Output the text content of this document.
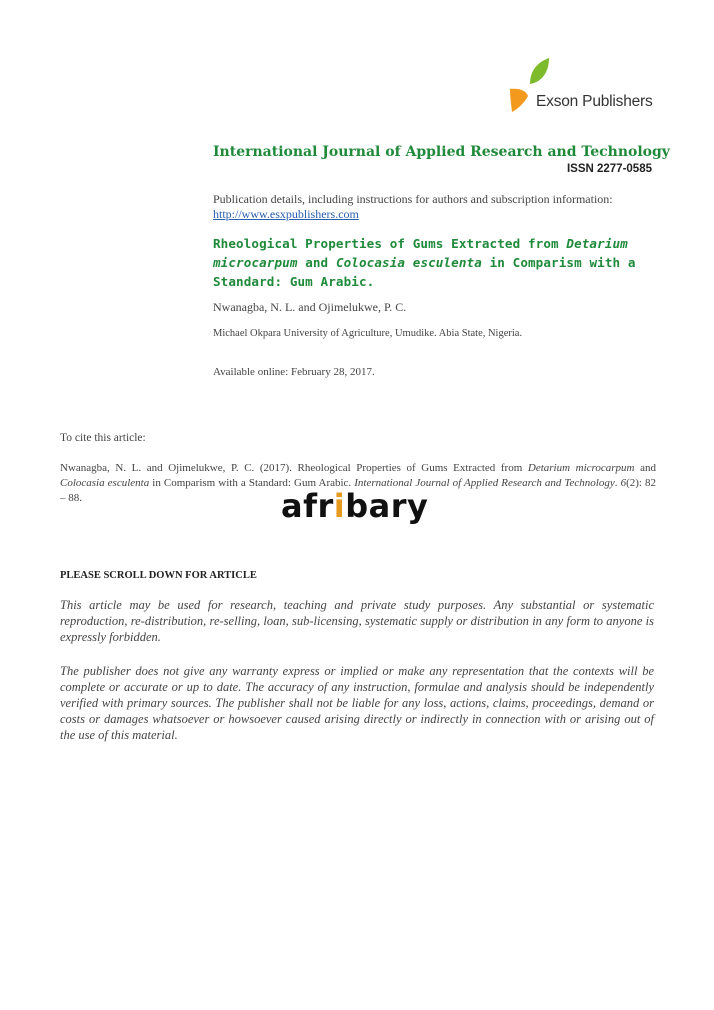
Exson Publishers
International Journal of Applied Research and Technology
ISSN 2277-0585
Publication details, including instructions for authors and subscription information:
http://www.esxpublishers.com
Rheological Properties of Gums Extracted from Detarium microcarpum and Colocasia esculenta in Comparism with a Standard: Gum Arabic.
Nwanagba, N. L. and Ojimelukwe, P. C.
Michael Okpara University of Agriculture, Umudike. Abia State, Nigeria.
Available online: February 28, 2017.
To cite this article:
Nwanagba, N. L. and Ojimelukwe, P. C. (2017). Rheological Properties of Gums Extracted from Detarium microcarpum and Colocasia esculenta in Comparism with a Standard: Gum Arabic. International Journal of Applied Research and Technology. 6(2): 82 – 88.	afribary
PLEASE SCROLL DOWN FOR ARTICLE
This article may be used for research, teaching and private study purposes. Any substantial or systematic reproduction, re-distribution, re-selling, loan, sub-licensing, systematic supply or distribution in any form to anyone is expressly forbidden.
The publisher does not give any warranty express or implied or make any representation that the contexts will be complete or accurate or up to date. The accuracy of any instruction, formulae and analysis should be independently verified with primary sources. The publisher shall not be liable for any loss, actions, claims, proceedings, demand or costs or damages whatsoever or howsoever caused arising directly or indirectly in connection with or arising out of the use of this material.
